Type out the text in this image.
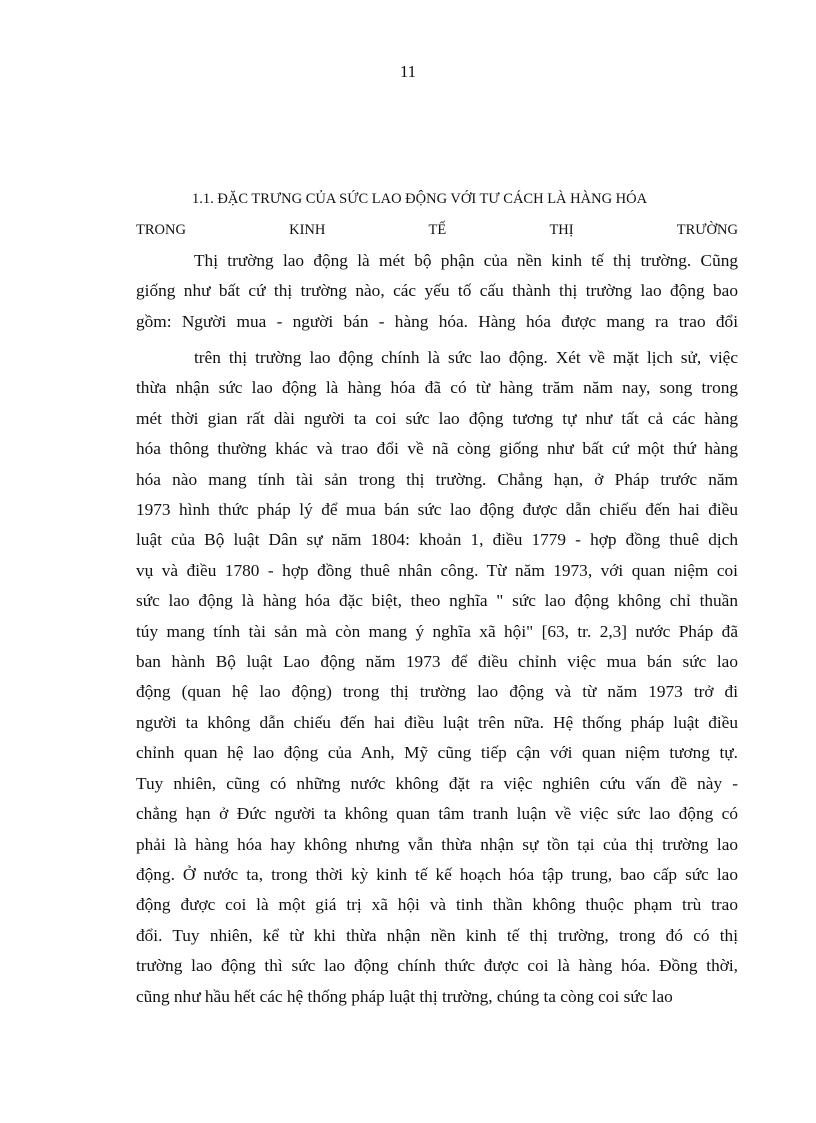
11
1.1. ĐẶC TRƯNG CỦA SỨC LAO ĐỘNG VỚI TƯ CÁCH LÀ HÀNG HÓA
TRONG	KINH	TẾ	THỊ	TRƯỜNG
Thị trường lao động là mét bộ phận của nền kinh tế thị trường. Cũng
giống như bất cứ thị trường nào, các yếu tố cấu thành thị trường lao động bao
gồm: Người mua - người bán - hàng hóa. Hàng hóa được mang ra trao đổi
trên thị trường lao động chính là sức lao động. Xét về mặt lịch sử, việc
thừa nhận sức lao động là hàng hóa đã có từ hàng trăm năm nay, song trong
mét thời gian rất dài người ta coi sức lao động tương tự như tất cả các hàng
hóa thông thường khác và trao đổi về nã còng giống như bất cứ một thứ hàng
hóa nào mang tính tài sản trong thị trường. Chẳng hạn, ở Pháp trước năm
1973 hình thức pháp lý để mua bán sức lao động được dẫn chiếu đến hai điều
luật của Bộ luật Dân sự năm 1804: khoản 1, điều 1779 - hợp đồng thuê dịch
vụ và điều 1780 - hợp đồng thuê nhân công. Từ năm 1973, với quan niệm coi
sức lao động là hàng hóa đặc biệt, theo nghĩa " sức lao động không chỉ thuần
túy mang tính tài sản mà còn mang ý nghĩa xã hội" [63, tr. 2,3] nước Pháp đã
ban hành Bộ luật Lao động năm 1973 để điều chỉnh việc mua bán sức lao
động (quan hệ lao động) trong thị trường lao động và từ năm 1973 trở đi
người ta không dẫn chiếu đến hai điều luật trên nữa. Hệ thống pháp luật điều
chỉnh quan hệ lao động của Anh, Mỹ cũng tiếp cận với quan niệm tương tự.
Tuy nhiên, cũng có những nước không đặt ra việc nghiên cứu vấn đề này -
chẳng hạn ở Đức người ta không quan tâm tranh luận về việc sức lao động có
phải là hàng hóa hay không nhưng vẫn thừa nhận sự tồn tại của thị trường lao
động. Ở nước ta, trong thời kỳ kinh tế kế hoạch hóa tập trung, bao cấp sức lao
động được coi là một giá trị xã hội và tinh thần không thuộc phạm trù trao
đổi. Tuy nhiên, kể từ khi thừa nhận nền kinh tế thị trường, trong đó có thị
trường lao động thì sức lao động chính thức được coi là hàng hóa. Đồng thời,
cũng như hầu hết các hệ thống pháp luật thị trường, chúng ta còng coi sức lao
